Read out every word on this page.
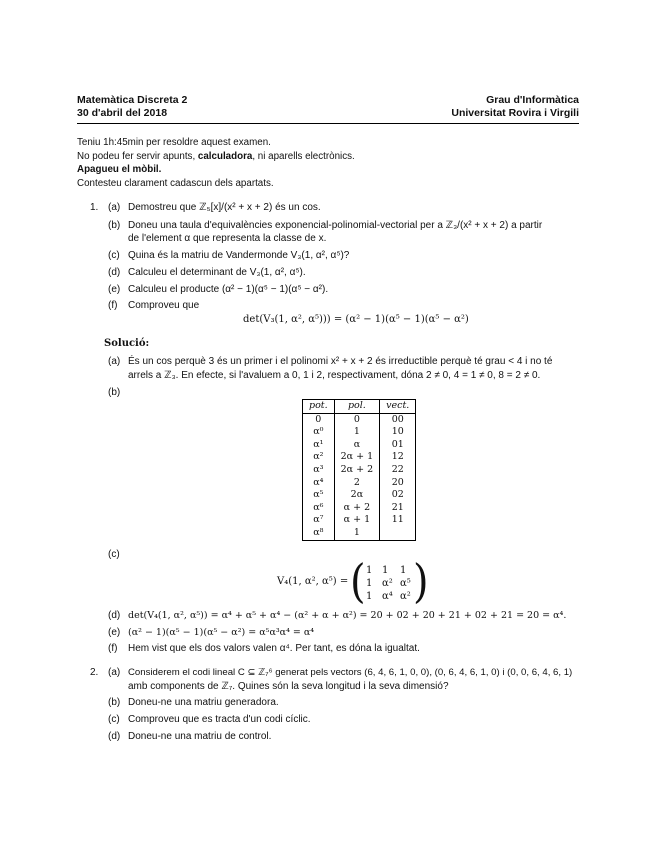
Matemàtica Discreta 2
30 d'abril del 2018
Grau d'Informàtica
Universitat Rovira i Virgili
Teniu 1h:45min per resoldre aquest examen.
No podeu fer servir apunts, calculadora, ni aparells electrònics.
Apagueu el mòbil.
Contesteu clarament cadascun dels apartats.
1. (a) Demostreu que ℤ₅[x]/(x² + x + 2) és un cos.
(b) Doneu una taula d'equivalències exponencial-polinomial-vectorial per a ℤ₃/(x² + x + 2) a partir
de l'element α que representa la classe de x.
(c) Quina és la matriu de Vandermonde V₃(1, α², α⁵)?
(d) Calculeu el determinant de V₃(1, α², α⁵).
(e) Calculeu el producte (α² − 1)(α⁵ − 1)(α⁵ − α²).
(f) Comproveu que
det(V₃(1, α², α⁵))) = (α² − 1)(α⁵ − 1)(α⁵ − α²)
Solució:
(a) És un cos perquè 3 és un primer i el polinomi x² + x + 2 és irreductible perquè té grau < 4 i no té
arrels a ℤ₃. En efecte, si l'avaluem a 0, 1 i 2, respectivament, dóna 2 ≠ 0, 4 = 1 ≠ 0, 8 = 2 ≠ 0.
(b)
pot.	pol.	vect.
0	0	00
α⁰	1	10
α¹	α	01
α²	2α + 1	12
α³	2α + 2	22
α⁴	2	20
α⁵	2α	02
α⁶	α + 2	21
α⁷	α + 1	11
α⁸	1	
(c)
V₄(1, α², α⁵) = ( )
1 1 1
1 α² α⁵
1 α⁴ α²
(d) det(V₄(1, α², α⁵)) = α⁴ + α⁵ + α⁴ − (α² + α + α²) = 20 + 02 + 20 + 21 + 02 + 21 = 20 = α⁴.
(e) (α² − 1)(α⁵ − 1)(α⁵ − α²) = α⁵α³α⁴ = α⁴
(f) Hem vist que els dos valors valen α⁴. Per tant, es dóna la igualtat.
2. (a) Considerem el codi lineal C ⊆ ℤ₇⁶ generat pels vectors (6, 4, 6, 1, 0, 0), (0, 6, 4, 6, 1, 0) i (0, 0, 6, 4, 6, 1)
amb components de ℤ₇. Quines són la seva longitud i la seva dimensió?
(b) Doneu-ne una matriu generadora.
(c) Comproveu que es tracta d'un codi cíclic.
(d) Doneu-ne una matriu de control.
